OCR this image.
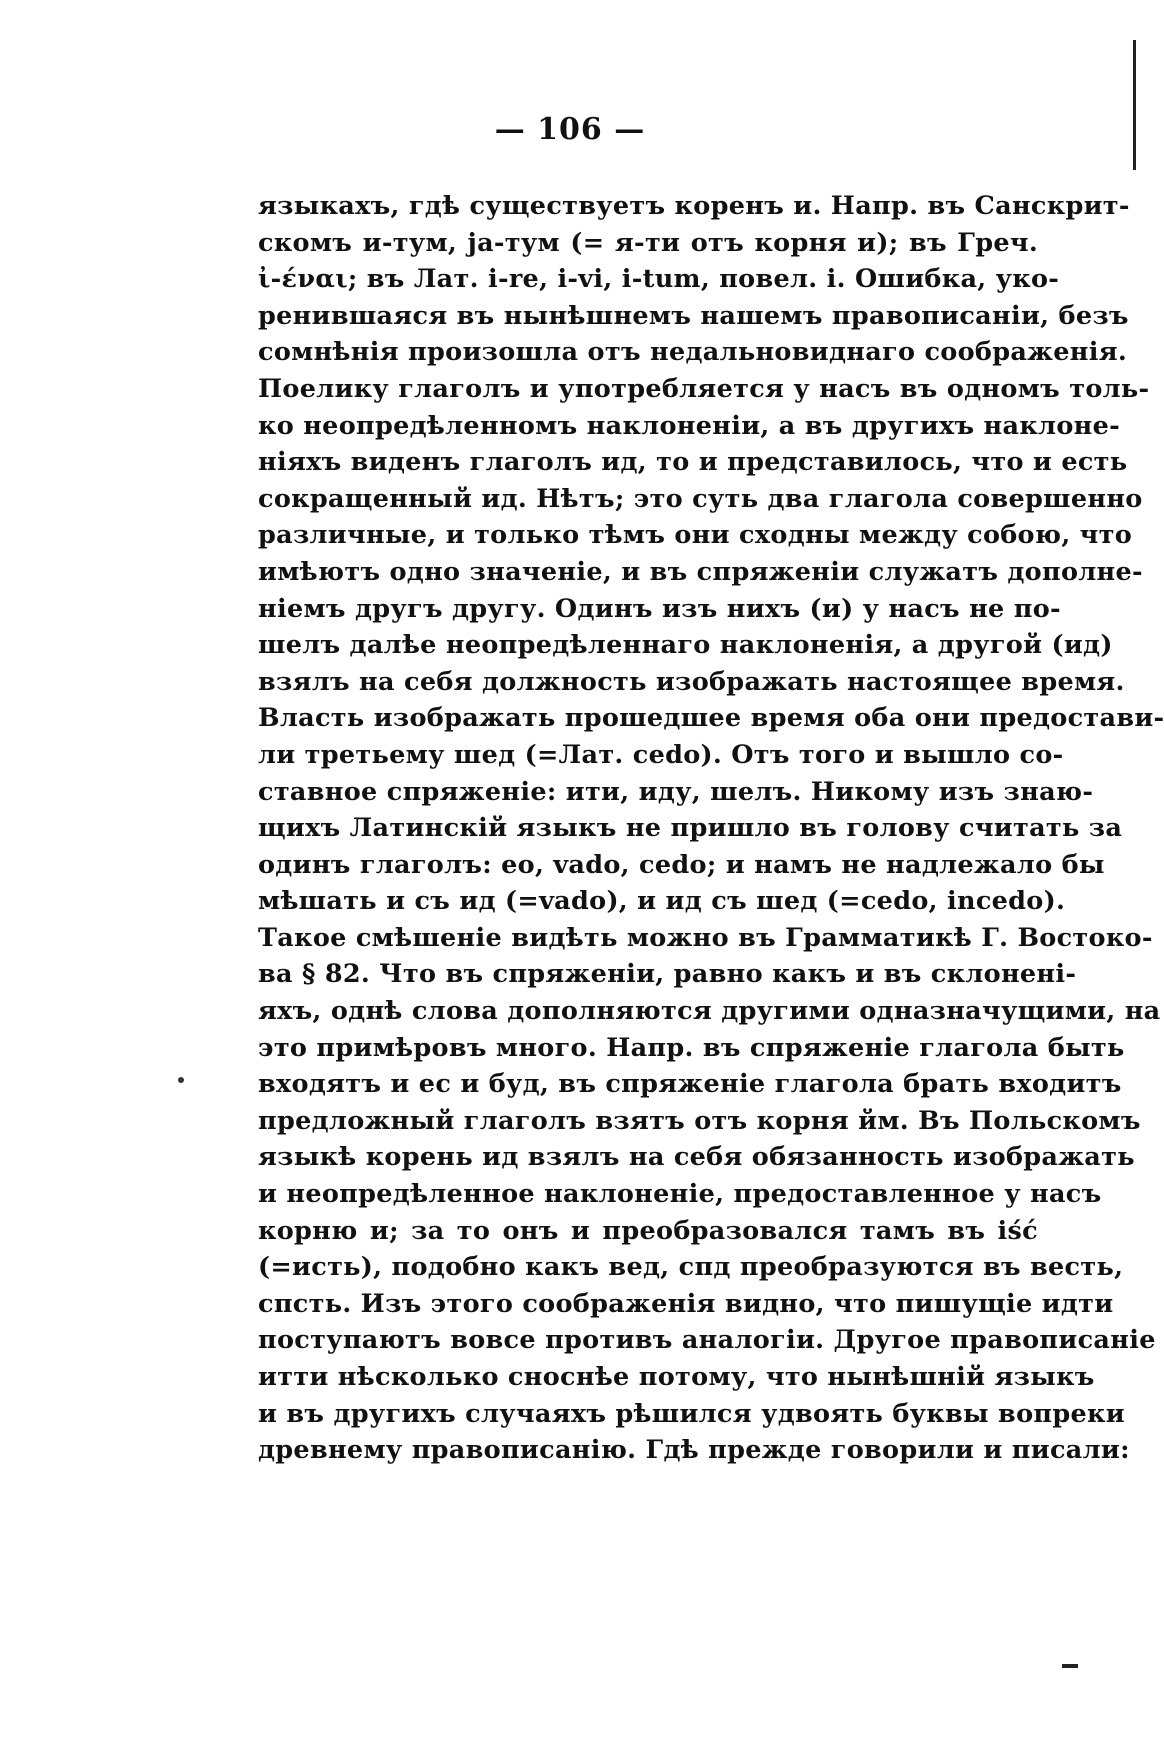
— 106 —
языкахъ, гдѣ существуетъ коренъ и. Напр. въ Санскрит-
скомъ и-тум, ja-тум (= я-ти отъ корня и); въ Греч.
ἰ-έναι; въ Лат. i-re, i-vi, i-tum, повел. i. Ошибка, уко-
ренившаяся въ нынѣшнемъ нашемъ правописаніи, безъ
сомнѣнія произошла отъ недальновиднаго соображенія.
Поелику глаголъ и употребляется у насъ въ одномъ толь-
ко неопредѣленномъ наклоненіи, а въ другихъ наклоне-
ніяхъ виденъ глаголъ ид, то и представилось, что и есть
сокращенный ид. Нѣтъ; это суть два глагола совершенно
различные, и только тѣмъ они сходны между собою, что
имѣютъ одно значеніе, и въ спряженіи служатъ дополне-
ніемъ другъ другу. Одинъ изъ нихъ (и) у насъ не по-
шелъ далѣе неопредѣленнаго наклоненія, а другой (ид)
взялъ на себя должность изображать настоящее время.
Власть изображать прошедшее время оба они предостави-
ли третьему шед (=Лат. cedo). Отъ того и вышло со-
ставное спряженіе: ити, иду, шелъ. Никому изъ знаю-
щихъ Латинскій языкъ не пришло въ голову считать за
одинъ глаголъ: eo, vado, cedo; и намъ не надлежало бы
мѣшать и съ ид (=vado), и ид съ шед (=cedo, incedo).
Такое смѣшеніе видѣть можно въ Грамматикѣ Г. Востоко-
ва § 82. Что въ спряженіи, равно какъ и въ склоненi-
яхъ, однѣ слова дополняются другими одназначущими, на
это примѣровъ много. Напр. въ спряженіе глагола быть
входятъ и ес и буд, въ спряженіе глагола брать входитъ
предложный глаголъ взятъ отъ корня йм. Въ Польскомъ
языкѣ корень ид взялъ на себя обязанность изображать
и неопредѣленное наклоненіе, предоставленное у насъ
корню и; за то онъ и преобразовался тамъ въ iść
(=исть), подобно какъ вед, спд преобразуются въ весть,
спсть. Изъ этого соображенія видно, что пишущіе идти
поступаютъ вовсе противъ аналогіи. Другое правописаніе
итти нѣсколько сноснѣе потому, что нынѣшній языкъ
и въ другихъ случаяхъ рѣшился удвоять буквы вопреки
древнему правописанію. Гдѣ прежде говорили и писали:
